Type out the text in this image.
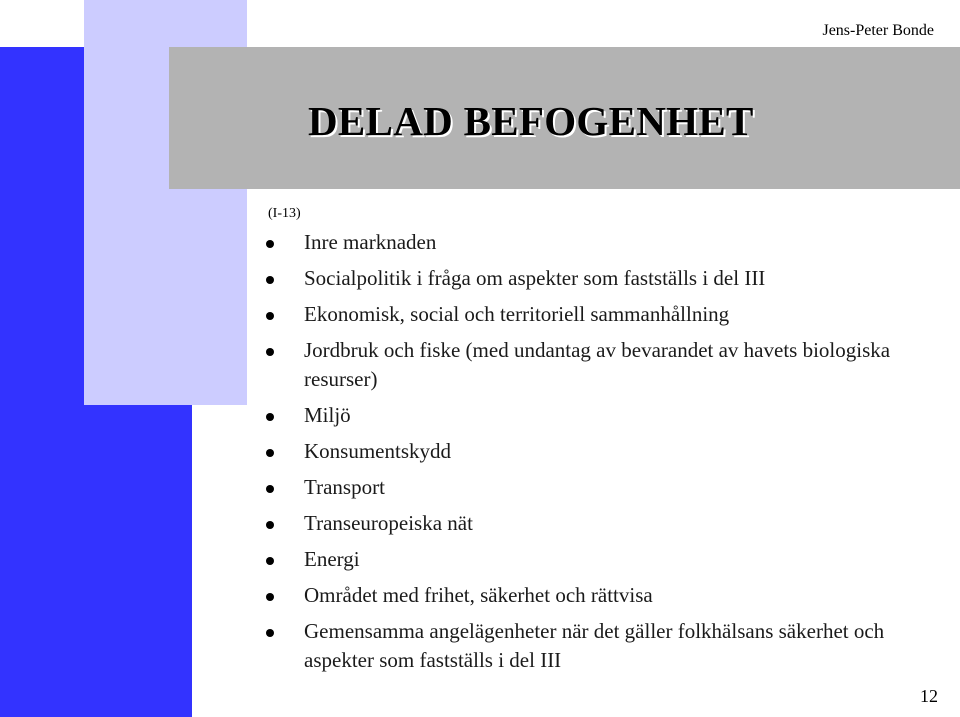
Jens-Peter Bonde
DELAD BEFOGENHET
(I-13)
Inre marknaden
Socialpolitik i fråga om aspekter som fastställs i del III
Ekonomisk, social och territoriell sammanhållning
Jordbruk och fiske (med undantag av bevarandet av havets biologiska resurser)
Miljö
Konsumentskydd
Transport
Transeuropeiska nät
Energi
Området med frihet, säkerhet och rättvisa
Gemensamma angelägenheter när det gäller folkhälsans säkerhet och aspekter som fastställs i del III
12
